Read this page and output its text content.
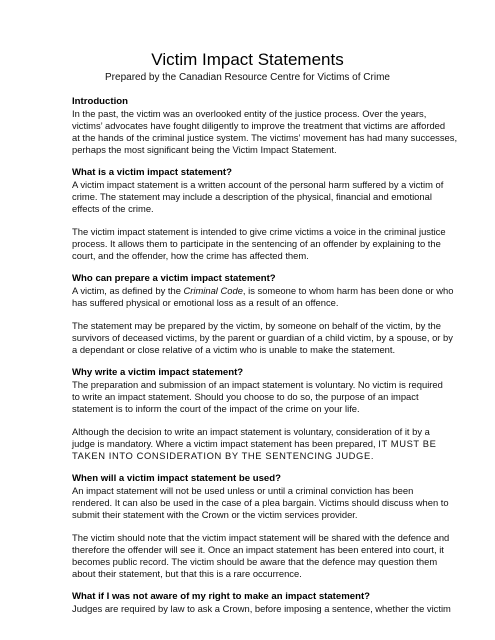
Victim Impact Statements
Prepared by the Canadian Resource Centre for Victims of Crime
Introduction

In the past, the victim was an overlooked entity of the justice process. Over the years,

victims’ advocates have fought diligently to improve the treatment that victims are afforded

at the hands of the criminal justice system. The victims’ movement has had many successes,

perhaps the most significant being the Victim Impact Statement.

What is a victim impact statement?

A victim impact statement is a written account of the personal harm suffered by a victim of

crime. The statement may include a description of the physical, financial and emotional

effects of the crime.

The victim impact statement is intended to give crime victims a voice in the criminal justice

process. It allows them to participate in the sentencing of an offender by explaining to the

court, and the offender, how the crime has affected them.

Who can prepare a victim impact statement?

A victim, as defined by the Criminal Code, is someone to whom harm has been done or who

has suffered physical or emotional loss as a result of an offence.

The statement may be prepared by the victim, by someone on behalf of the victim, by the

survivors of deceased victims, by the parent or guardian of a child victim, by a spouse, or by

a dependant or close relative of a victim who is unable to make the statement.

Why write a victim impact statement?

The preparation and submission of an impact statement is voluntary. No victim is required

to write an impact statement. Should you choose to do so, the purpose of an impact

statement is to inform the court of the impact of the crime on your life.

Although the decision to write an impact statement is voluntary, consideration of it by a

judge is mandatory. Where a victim impact statement has been prepared, IT MUST BE

TAKEN INTO CONSIDERATION BY THE SENTENCING JUDGE.

When will a victim impact statement be used?

An impact statement will not be used unless or until a criminal conviction has been

rendered. It can also be used in the case of a plea bargain. Victims should discuss when to

submit their statement with the Crown or the victim services provider.

The victim should note that the victim impact statement will be shared with the defence and

therefore the offender will see it. Once an impact statement has been entered into court, it

becomes public record. The victim should be aware that the defence may question them

about their statement, but that this is a rare occurrence.

What if I was not aware of my right to make an impact statement?

Judges are required by law to ask a Crown, before imposing a sentence, whether the victim
